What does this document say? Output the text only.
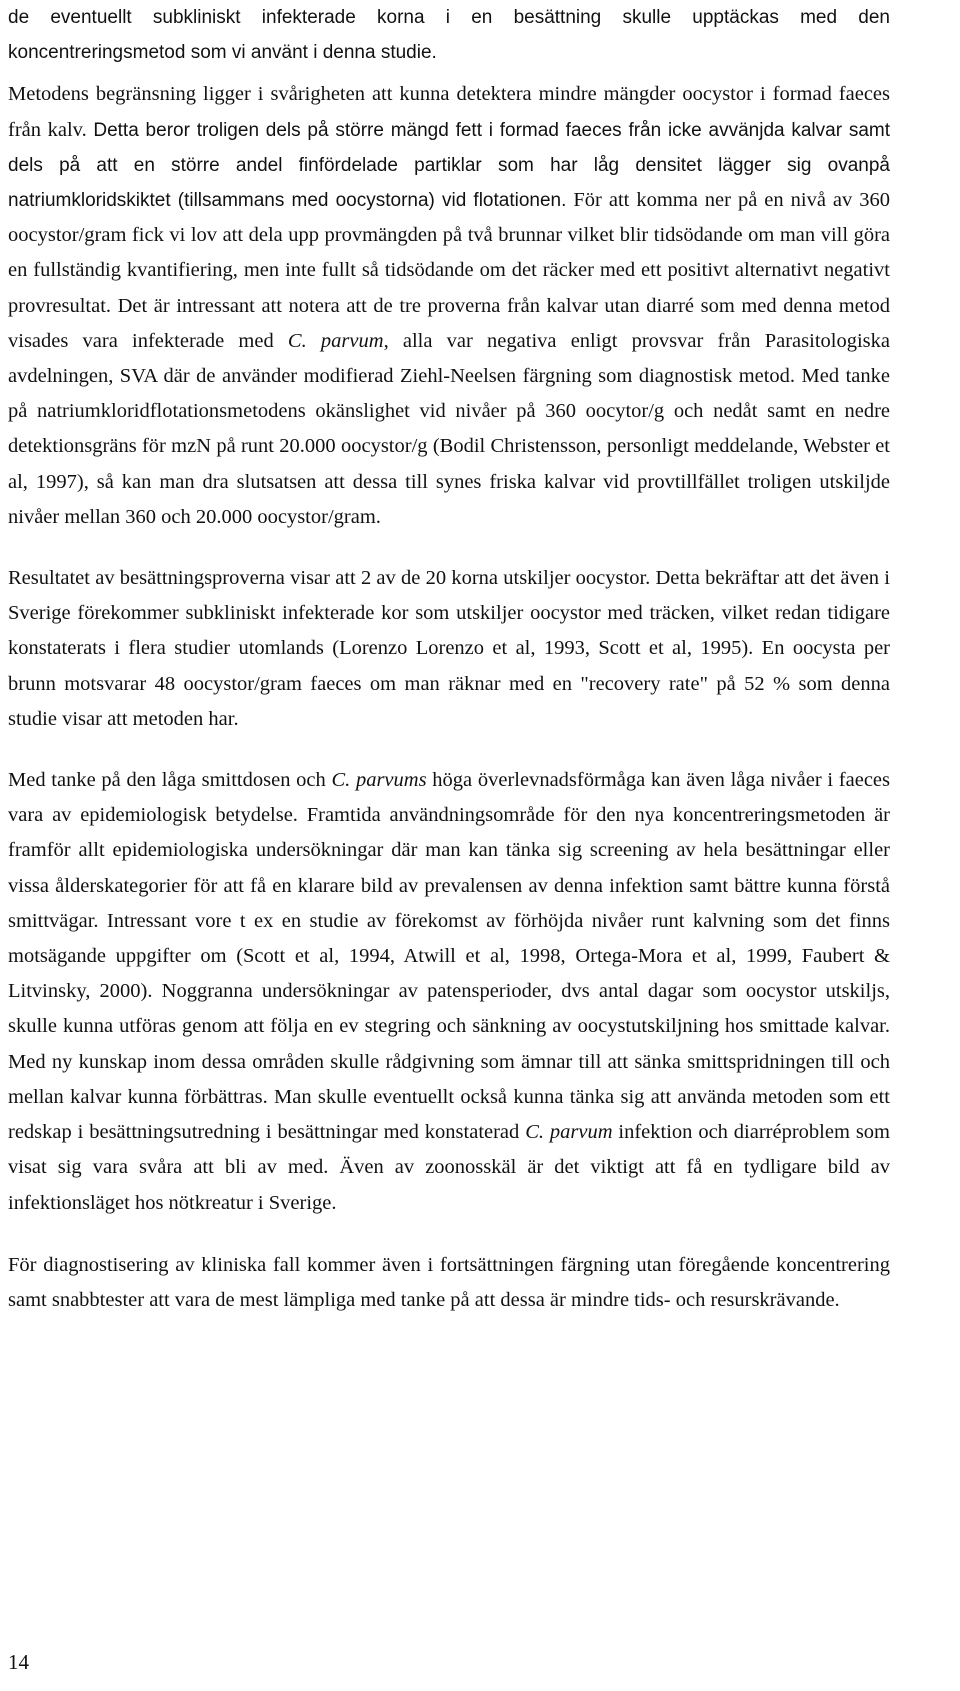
de eventuellt subkliniskt infekterade korna i en besättning skulle upptäckas med den koncentreringsmetod som vi använt i denna studie.

Metodens begränsning ligger i svårigheten att kunna detektera mindre mängder oocystor i formad faeces från kalv. Detta beror troligen dels på större mängd fett i formad faeces från icke avvänjda kalvar samt dels på att en större andel finfördelade partiklar som har låg densitet lägger sig ovanpå natriumkloridskiktet (tillsammans med oocystorna) vid flotationen. För att komma ner på en nivå av 360 oocystor/gram fick vi lov att dela upp provmängden på två brunnar vilket blir tidsödande om man vill göra en fullständig kvantifiering, men inte fullt så tidsödande om det räcker med ett positivt alternativt negativt provresultat. Det är intressant att notera att de tre proverna från kalvar utan diarré som med denna metod visades vara infekterade med C. parvum, alla var negativa enligt provsvar från Parasitologiska avdelningen, SVA där de använder modifierad Ziehl-Neelsen färgning som diagnostisk metod. Med tanke på natriumkloridflotationsmetodens okänslighet vid nivåer på 360 oocytor/g och nedåt samt en nedre detektionsgräns för mzN på runt 20.000 oocystor/g (Bodil Christensson, personligt meddelande, Webster et al, 1997), så kan man dra slutsatsen att dessa till synes friska kalvar vid provtillfället troligen utskiljde nivåer mellan 360 och 20.000 oocystor/gram.

Resultatet av besättningsproverna visar att 2 av de 20 korna utskiljer oocystor. Detta bekräftar att det även i Sverige förekommer subkliniskt infekterade kor som utskiljer oocystor med träcken, vilket redan tidigare konstaterats i flera studier utomlands (Lorenzo Lorenzo et al, 1993, Scott et al, 1995). En oocysta per brunn motsvarar 48 oocystor/gram faeces om man räknar med en "recovery rate" på 52 % som denna studie visar att metoden har.

Med tanke på den låga smittdosen och C. parvums höga överlevnadsförmåga kan även låga nivåer i faeces vara av epidemiologisk betydelse. Framtida användningsområde för den nya koncentreringsmetoden är framför allt epidemiologiska undersökningar där man kan tänka sig screening av hela besättningar eller vissa ålderskategorier för att få en klarare bild av prevalensen av denna infektion samt bättre kunna förstå smittvägar. Intressant vore t ex en studie av förekomst av förhöjda nivåer runt kalvning som det finns motsägande uppgifter om (Scott et al, 1994, Atwill et al, 1998, Ortega-Mora et al, 1999, Faubert & Litvinsky, 2000). Noggranna undersökningar av patensperioder, dvs antal dagar som oocystor utskiljs, skulle kunna utföras genom att följa en ev stegring och sänkning av oocystutskiljning hos smittade kalvar. Med ny kunskap inom dessa områden skulle rådgivning som ämnar till att sänka smittspridningen till och mellan kalvar kunna förbättras. Man skulle eventuellt också kunna tänka sig att använda metoden som ett redskap i besättningsutredning i besättningar med konstaterad C. parvum infektion och diarréproblem som visat sig vara svåra att bli av med. Även av zoonosskäl är det viktigt att få en tydligare bild av infektionsläget hos nötkreatur i Sverige.

För diagnostisering av kliniska fall kommer även i fortsättningen färgning utan föregående koncentrering samt snabbtester att vara de mest lämpliga med tanke på att dessa är mindre tids- och resurskrävande.

14
